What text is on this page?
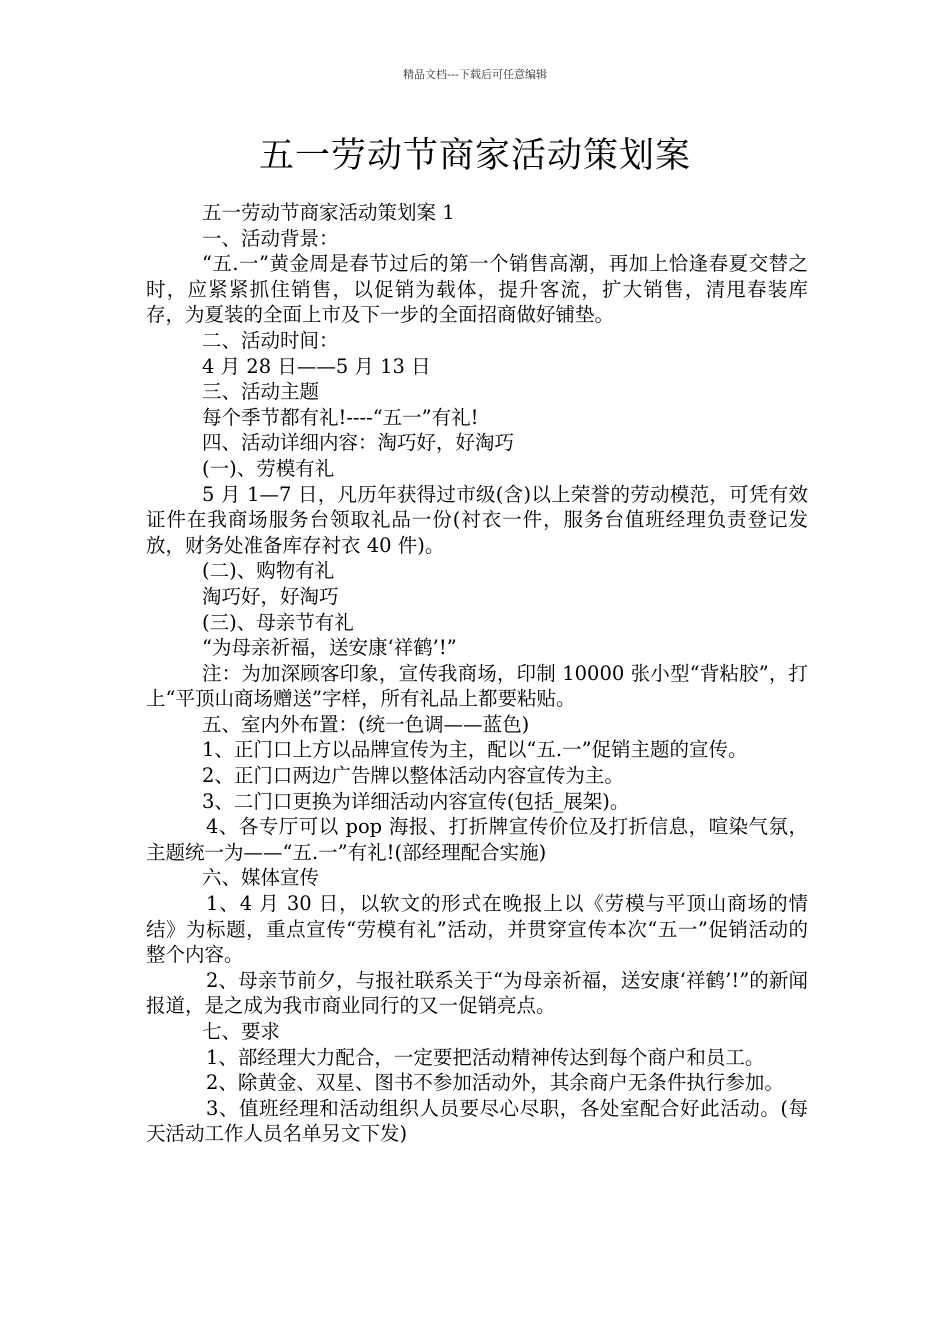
精品文档---下载后可任意编辑
五一劳动节商家活动策划案

五一劳动节商家活动策划案 1

一、活动背景：

“五.一”黄金周是春节过后的第一个销售高潮，再加上恰逢春夏交替之时，应紧紧抓住销售，以促销为载体，提升客流，扩大销售，清甩春装库存，为夏装的全面上市及下一步的全面招商做好铺垫。

二、活动时间：

4 月 28 日——5 月 13 日

三、活动主题

每个季节都有礼!----“五一”有礼!

四、活动详细内容：淘巧好，好淘巧

(一)、劳模有礼

5 月 1—7 日，凡历年获得过市级(含)以上荣誉的劳动模范，可凭有效证件在我商场服务台领取礼品一份(衬衣一件，服务台值班经理负责登记发放，财务处准备库存衬衣 40 件)。

(二)、购物有礼

淘巧好，好淘巧

(三)、母亲节有礼

“为母亲祈福，送安康‘祥鹤’!”

注：为加深顾客印象，宣传我商场，印制 10000 张小型“背粘胶”，打上“平顶山商场赠送”字样，所有礼品上都要粘贴。

五、室内外布置：(统一色调——蓝色)

1、正门口上方以品牌宣传为主，配以“五.一”促销主题的宣传。

2、正门口两边广告牌以整体活动内容宣传为主。

3、二门口更换为详细活动内容宣传(包括_展架)。

4、各专厅可以 pop 海报、打折牌宣传价位及打折信息，喧染气氛，主题统一为——“五.一”有礼!(部经理配合实施)

六、媒体宣传

1、4 月 30 日，以软文的形式在晚报上以《劳模与平顶山商场的情结》为标题，重点宣传“劳模有礼”活动，并贯穿宣传本次“五一”促销活动的整个内容。

2、母亲节前夕，与报社联系关于“为母亲祈福，送安康‘祥鹤’!”的新闻报道，是之成为我市商业同行的又一促销亮点。

七、要求

1、部经理大力配合，一定要把活动精神传达到每个商户和员工。

2、除黄金、双星、图书不参加活动外，其余商户无条件执行参加。

3、值班经理和活动组织人员要尽心尽职，各处室配合好此活动。(每天活动工作人员名单另文下发)
